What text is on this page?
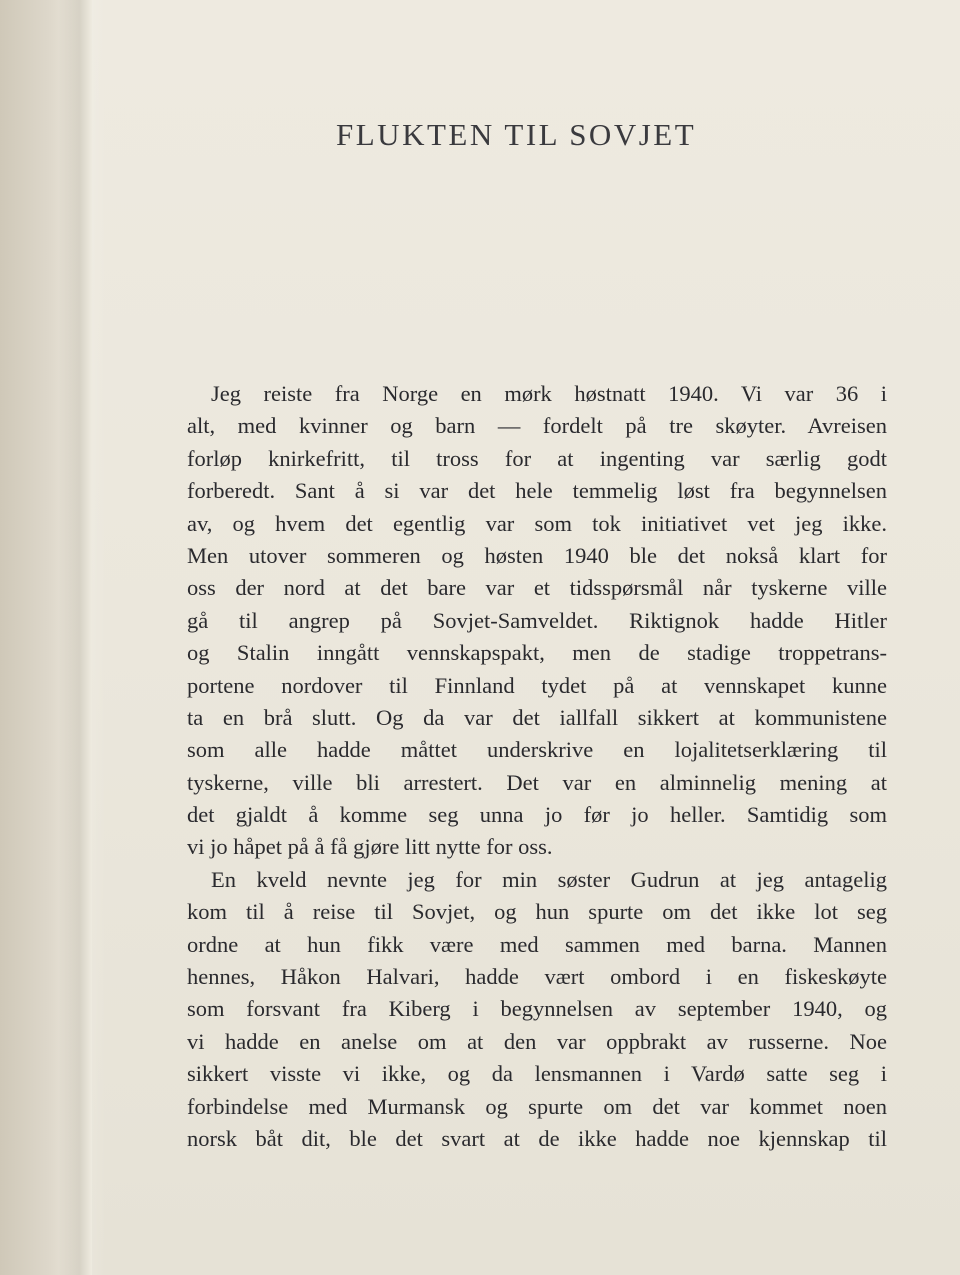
FLUKTEN TIL SOVJET
Jeg reiste fra Norge en mørk høstnatt 1940. Vi var 36 i
alt, med kvinner og barn — fordelt på tre skøyter. Avreisen
forløp knirkefritt, til tross for at ingenting var særlig godt
forberedt. Sant å si var det hele temmelig løst fra begynnelsen
av, og hvem det egentlig var som tok initiativet vet jeg ikke.
Men utover sommeren og høsten 1940 ble det nokså klart for
oss der nord at det bare var et tidsspørsmål når tyskerne ville
gå til angrep på Sovjet-Samveldet. Riktignok hadde Hitler
og Stalin inngått vennskapspakt, men de stadige troppetrans-
portene nordover til Finnland tydet på at vennskapet kunne
ta en brå slutt. Og da var det iallfall sikkert at kommunistene
som alle hadde måttet underskrive en lojalitetserklæring til
tyskerne, ville bli arrestert. Det var en alminnelig mening at
det gjaldt å komme seg unna jo før jo heller. Samtidig som
vi jo håpet på å få gjøre litt nytte for oss.
En kveld nevnte jeg for min søster Gudrun at jeg antagelig
kom til å reise til Sovjet, og hun spurte om det ikke lot seg
ordne at hun fikk være med sammen med barna. Mannen
hennes, Håkon Halvari, hadde vært ombord i en fiskeskøyte
som forsvant fra Kiberg i begynnelsen av september 1940, og
vi hadde en anelse om at den var oppbrakt av russerne. Noe
sikkert visste vi ikke, og da lensmannen i Vardø satte seg i
forbindelse med Murmansk og spurte om det var kommet noen
norsk båt dit, ble det svart at de ikke hadde noe kjennskap til
